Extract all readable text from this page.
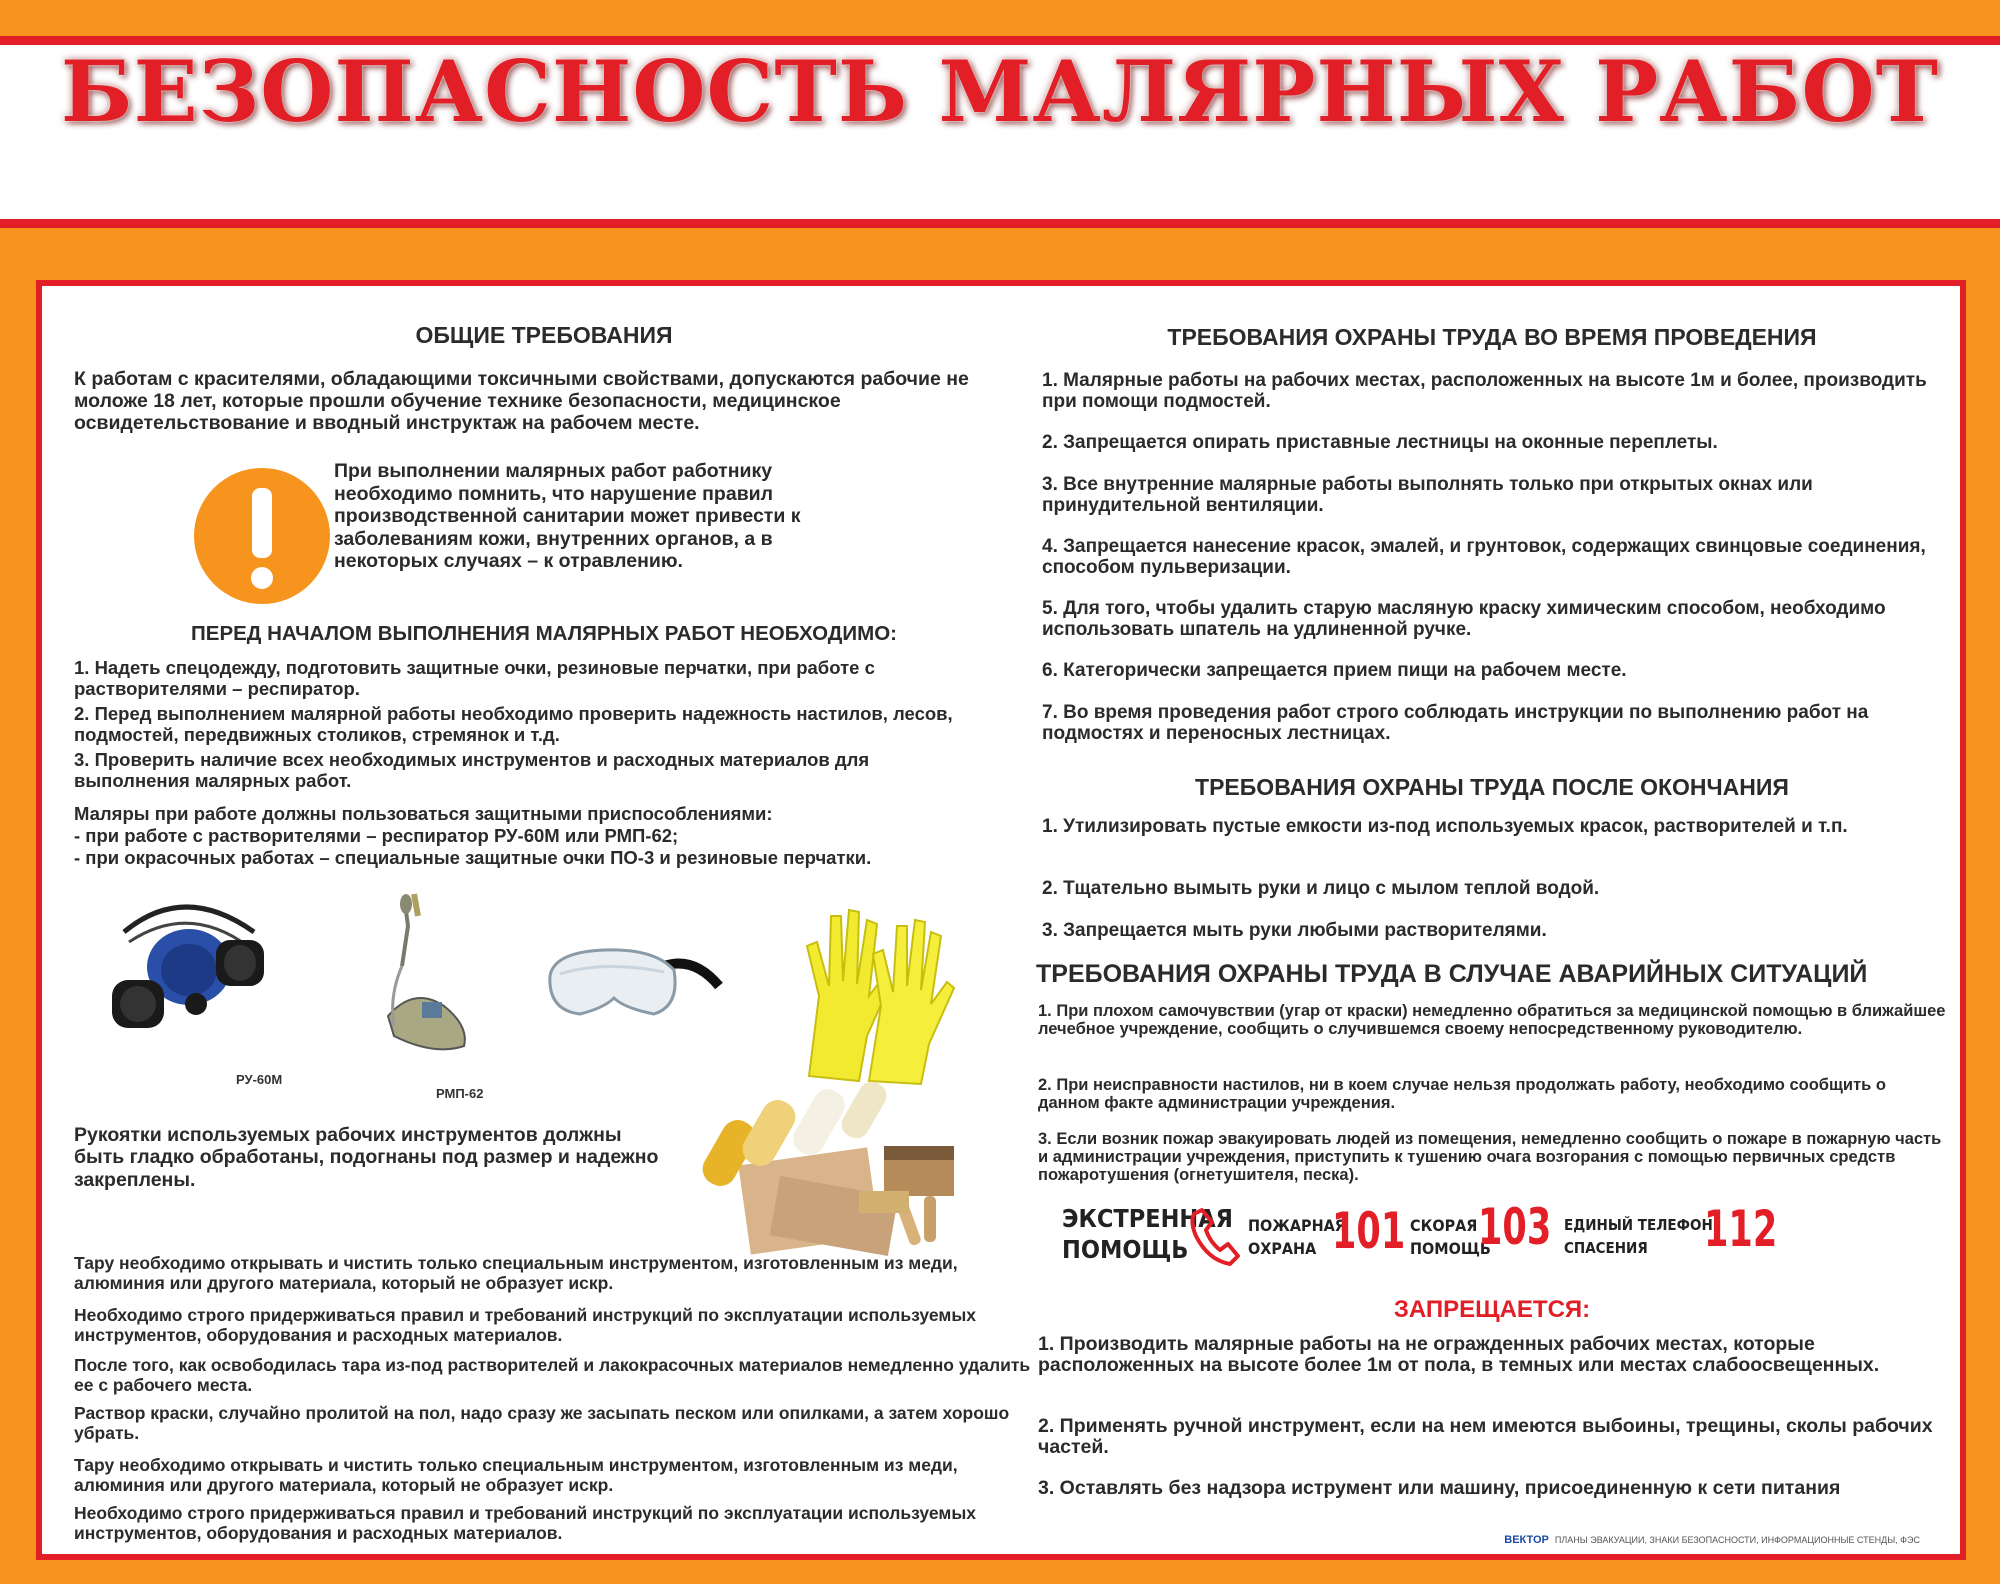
БЕЗОПАСНОСТЬ МАЛЯРНЫХ РАБОТ
ОБЩИЕ ТРЕБОВАНИЯ

К работам с красителями, обладающими токсичными свойствами, допускаются рабочие не моложе 18 лет, которые прошли обучение технике безопасности, медицинское освидетельствование и вводный инструктаж на рабочем месте.

При выполнении малярных работ работнику необходимо помнить, что нарушение правил производственной санитарии может привести к заболеваниям кожи, внутренних органов, а в некоторых случаях – к отравлению.

ПЕРЕД НАЧАЛОМ ВЫПОЛНЕНИЯ МАЛЯРНЫХ РАБОТ НЕОБХОДИМО:

1. Надеть спецодежду, подготовить защитные очки, резиновые перчатки, при работе с растворителями – респиратор.

2. Перед выполнением малярной работы необходимо проверить надежность настилов, лесов, подмостей, передвижных столиков, стремянок и т.д.

3. Проверить наличие всех необходимых инструментов и расходных материалов для выполнения малярных работ.

Маляры при работе должны пользоваться защитными приспособлениями:

- при работе с растворителями – респиратор РУ-60М или РМП-62;

- при окрасочных работах – специальные защитные очки ПО-3 и резиновые перчатки.

РУ-60М
РМП-62

Рукоятки используемых рабочих инструментов должны быть гладко обработаны, подогнаны под размер и надежно закреплены.

Тару необходимо открывать и чистить только специальным инструментом, изготовленным из меди, алюминия или другого материала, который не образует искр.

Необходимо строго придерживаться правил и требований инструкций по эксплуатации используемых инструментов, оборудования и расходных материалов.

После того, как освободилась тара из-под растворителей и лакокрасочных материалов немедленно удалить ее с рабочего места.

Раствор краски, случайно пролитой на пол, надо сразу же засыпать песком или опилками, а затем хорошо убрать.

Тару необходимо открывать и чистить только специальным инструментом, изготовленным из меди, алюминия или другого материала, который не образует искр.

Необходимо строго придерживаться правил и требований инструкций по эксплуатации используемых инструментов, оборудования и расходных материалов.

ТРЕБОВАНИЯ ОХРАНЫ ТРУДА ВО ВРЕМЯ ПРОВЕДЕНИЯ

1. Малярные работы на рабочих местах, расположенных на высоте 1м и более, производить при помощи подмостей.

2. Запрещается опирать приставные лестницы на оконные переплеты.

3. Все внутренние малярные работы выполнять только при открытых окнах или принудительной вентиляции.

4. Запрещается нанесение красок, эмалей, и грунтовок, содержащих свинцовые соединения, способом пульверизации.

5. Для того, чтобы удалить старую масляную краску химическим способом, необходимо использовать шпатель на удлиненной ручке.

6. Категорически запрещается прием пищи на рабочем месте.

7. Во время проведения работ строго соблюдать инструкции по выполнению работ на подмостях и переносных лестницах.

ТРЕБОВАНИЯ ОХРАНЫ ТРУДА ПОСЛЕ ОКОНЧАНИЯ

1. Утилизировать пустые емкости из-под используемых красок, растворителей и т.п.

2. Тщательно вымыть руки и лицо с мылом теплой водой.

3. Запрещается мыть руки любыми растворителями.

ТРЕБОВАНИЯ ОХРАНЫ ТРУДА В СЛУЧАЕ АВАРИЙНЫХ СИТУАЦИЙ

1. При плохом самочувствии (угар от краски) немедленно обратиться за медицинской помощью в ближайшее лечебное учреждение, сообщить о случившемся своему непосредственному руководителю.

2. При неисправности настилов, ни в коем случае нельзя продолжать работу, необходимо сообщить о данном факте администрации учреждения.

3. Если возник пожар эвакуировать людей из помещения, немедленно сообщить о пожаре в пожарную часть и администрации учреждения, приступить к тушению очага возгорания с помощью первичных средств пожаротушения (огнетушителя, песка).

ЭКСТРЕННАЯ
ПОМОЩЬ
ПОЖАРНАЯ
ОХРАНА 101 СКОРАЯ
ПОМОЩЬ
103 ЕДИНЫЙ ТЕЛЕФОН
СПАСЕНИЯ 112
ЗАПРЕЩАЕТСЯ:

1. Производить малярные работы на не огражденных рабочих местах, которые расположенных на высоте более 1м от пола, в темных или местах слабоосвещенных.

2. Применять ручной инструмент, если на нем имеются выбоины, трещины, сколы рабочих частей.

3. Оставлять без надзора иструмент или машину, присоединенную к сети питания

ВЕКТОР ПЛАНЫ ЭВАКУАЦИИ, ЗНАКИ БЕЗОПАСНОСТИ, ИНФОРМАЦИОННЫЕ СТЕНДЫ, ФЭС
